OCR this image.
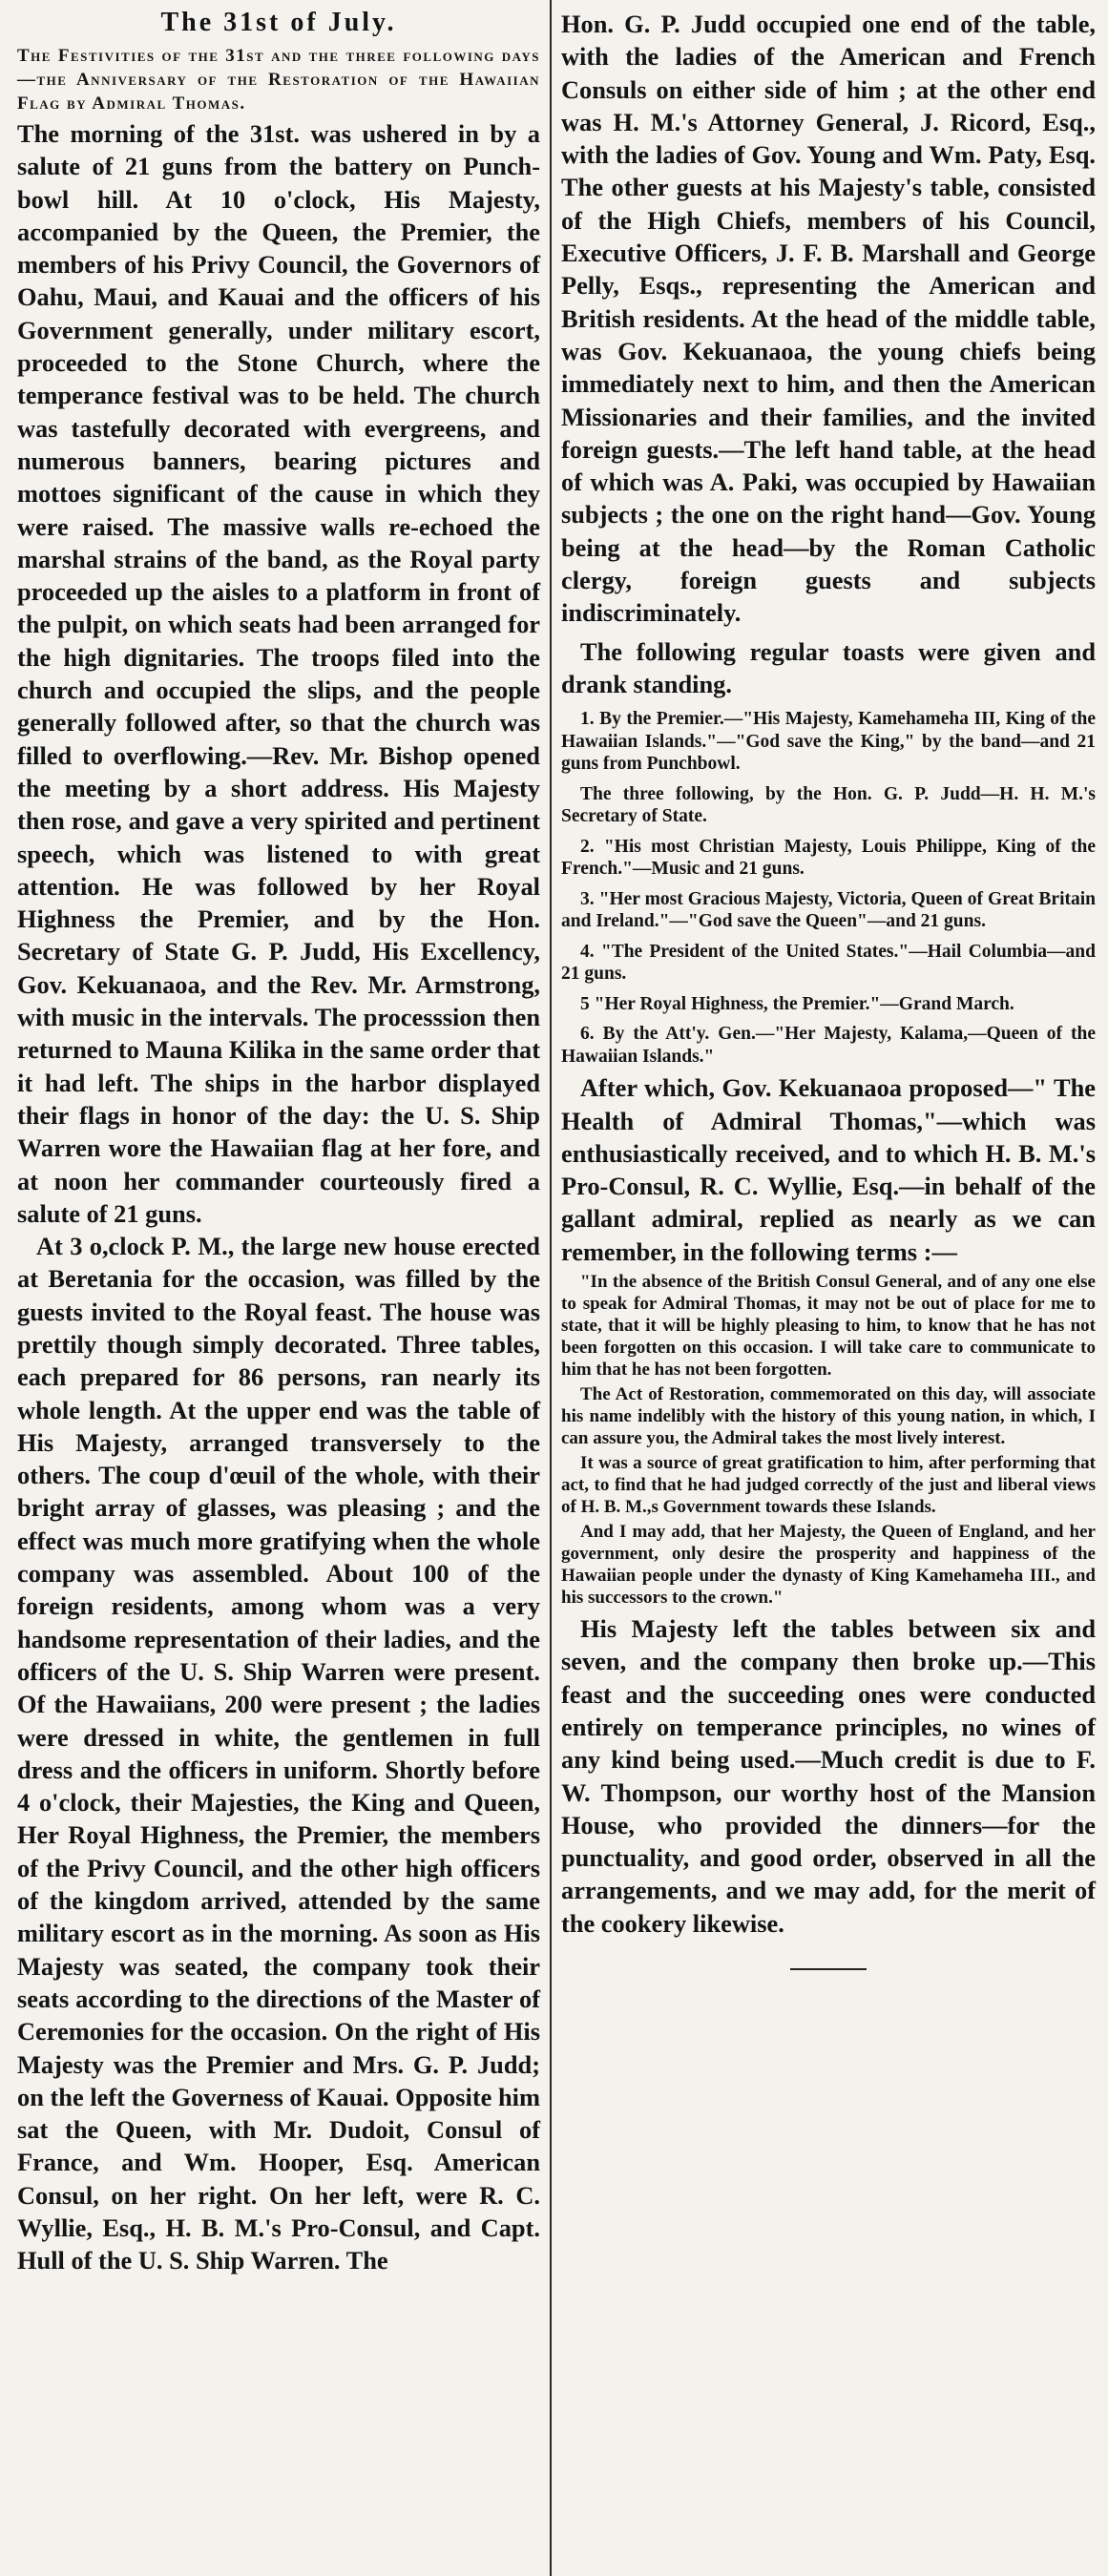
The 31st of July.
The Festivities of the 31st and the three following days—the Anniversary of the Restoration of the Hawaiian Flag by Admiral Thomas.

The morning of the 31st. was ushered in by a salute of 21 guns from the battery on Punch-bowl hill. At 10 o'clock, His Majesty, accompanied by the Queen, the Premier, the members of his Privy Council, the Governors of Oahu, Maui, and Kauai and the officers of his Government generally, under military escort, proceeded to the Stone Church, where the temperance festival was to be held. The church was tastefully decorated with evergreens, and numerous banners, bearing pictures and mottoes significant of the cause in which they were raised. The massive walls re-echoed the marshal strains of the band, as the Royal party proceeded up the aisles to a platform in front of the pulpit, on which seats had been arranged for the high dignitaries. The troops filed into the church and occupied the slips, and the people generally followed after, so that the church was filled to overflowing.—Rev. Mr. Bishop opened the meeting by a short address. His Majesty then rose, and gave a very spirited and pertinent speech, which was listened to with great attention. He was followed by her Royal Highness the Premier, and by the Hon. Secretary of State G. P. Judd, His Excellency, Gov. Kekuanaoa, and the Rev. Mr. Armstrong, with music in the intervals. The processsion then returned to Mauna Kilika in the same order that it had left. The ships in the harbor displayed their flags in honor of the day: the U. S. Ship Warren wore the Hawaiian flag at her fore, and at noon her commander courteously fired a salute of 21 guns.

At 3 o,clock P. M., the large new house erected at Beretania for the occasion, was filled by the guests invited to the Royal feast. The house was prettily though simply decorated. Three tables, each prepared for 86 persons, ran nearly its whole length. At the upper end was the table of His Majesty, arranged transversely to the others. The coup d'œuil of the whole, with their bright array of glasses, was pleasing ; and the effect was much more gratifying when the whole company was assembled. About 100 of the foreign residents, among whom was a very handsome representation of their ladies, and the officers of the U. S. Ship Warren were present. Of the Hawaiians, 200 were present ; the ladies were dressed in white, the gentlemen in full dress and the officers in uniform. Shortly before 4 o'clock, their Majesties, the King and Queen, Her Royal Highness, the Premier, the members of the Privy Council, and the other high officers of the kingdom arrived, attended by the same military escort as in the morning. As soon as His Majesty was seated, the company took their seats according to the directions of the Master of Ceremonies for the occasion. On the right of His Majesty was the Premier and Mrs. G. P. Judd; on the left the Governess of Kauai. Opposite him sat the Queen, with Mr. Dudoit, Consul of France, and Wm. Hooper, Esq. American Consul, on her right. On her left, were R. C. Wyllie, Esq., H. B. M.'s Pro-Consul, and Capt. Hull of the U. S. Ship Warren. The

Hon. G. P. Judd occupied one end of the table, with the ladies of the American and French Consuls on either side of him ; at the other end was H. M.'s Attorney General, J. Ricord, Esq., with the ladies of Gov. Young and Wm. Paty, Esq. The other guests at his Majesty's table, consisted of the High Chiefs, members of his Council, Executive Officers, J. F. B. Marshall and George Pelly, Esqs., representing the American and British residents. At the head of the middle table, was Gov. Kekuanaoa, the young chiefs being immediately next to him, and then the American Missionaries and their families, and the invited foreign guests.—The left hand table, at the head of which was A. Paki, was occupied by Hawaiian subjects ; the one on the right hand—Gov. Young being at the head—by the Roman Catholic clergy, foreign guests and subjects indiscriminately.

The following regular toasts were given and drank standing.

1. By the Premier.—"His Majesty, Kamehameha III, King of the Hawaiian Islands."—"God save the King," by the band—and 21 guns from Punchbowl.

The three following, by the Hon. G. P. Judd—H. H. M.'s Secretary of State.

2. "His most Christian Majesty, Louis Philippe, King of the French."—Music and 21 guns.

3. "Her most Gracious Majesty, Victoria, Queen of Great Britain and Ireland."—"God save the Queen"—and 21 guns.

4. "The President of the United States."—Hail Columbia—and 21 guns.

5 "Her Royal Highness, the Premier."—Grand March.

6. By the Att'y. Gen.—"Her Majesty, Kalama,—Queen of the Hawaiian Islands."

After which, Gov. Kekuanaoa proposed—" The Health of Admiral Thomas,"—which was enthusiastically received, and to which H. B. M.'s Pro-Consul, R. C. Wyllie, Esq.—in behalf of the gallant admiral, replied as nearly as we can remember, in the following terms :—

"In the absence of the British Consul General, and of any one else to speak for Admiral Thomas, it may not be out of place for me to state, that it will be highly pleasing to him, to know that he has not been forgotten on this occasion. I will take care to communicate to him that he has not been forgotten.

The Act of Restoration, commemorated on this day, will associate his name indelibly with the history of this young nation, in which, I can assure you, the Admiral takes the most lively interest.

It was a source of great gratification to him, after performing that act, to find that he had judged correctly of the just and liberal views of H. B. M.,s Government towards these Islands.

And I may add, that her Majesty, the Queen of England, and her government, only desire the prosperity and happiness of the Hawaiian people under the dynasty of King Kamehameha III., and his successors to the crown."

His Majesty left the tables between six and seven, and the company then broke up.—This feast and the succeeding ones were conducted entirely on temperance principles, no wines of any kind being used.—Much credit is due to F. W. Thompson, our worthy host of the Mansion House, who provided the dinners—for the punctuality, and good order, observed in all the arrangements, and we may add, for the merit of the cookery likewise.
